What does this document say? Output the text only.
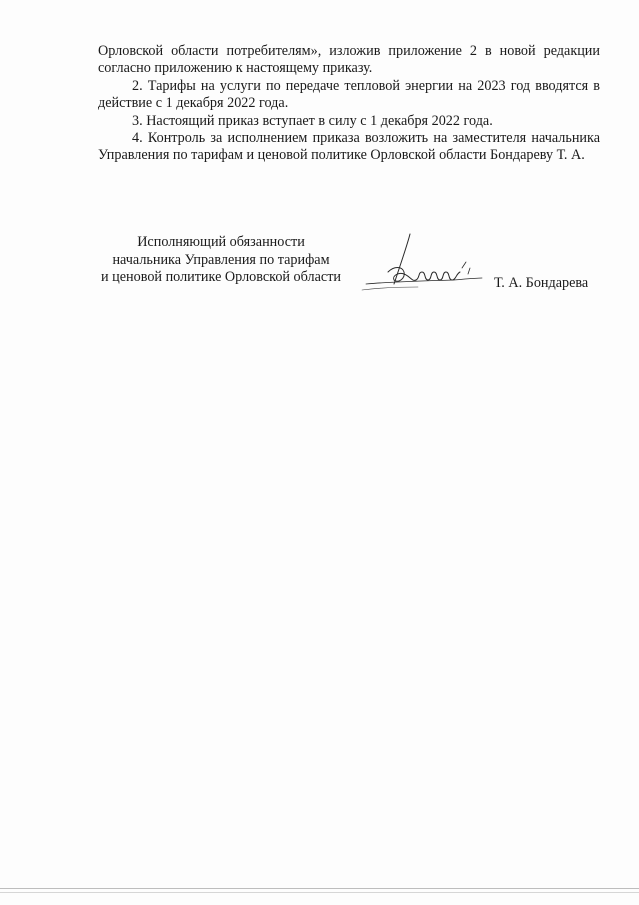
Орловской области потребителям», изложив приложение 2 в новой редакции согласно приложению к настоящему приказу.

2. Тарифы на услуги по передаче тепловой энергии на 2023 год вводятся в действие с 1 декабря 2022 года.

3. Настоящий приказ вступает в силу с 1 декабря 2022 года.

4. Контроль за исполнением приказа возложить на заместителя начальника Управления по тарифам и ценовой политике Орловской области Бондареву Т. А.

Исполняющий обязанности
начальника Управления по тарифам
и ценовой политике Орловской области	Т. А. Бондарева
